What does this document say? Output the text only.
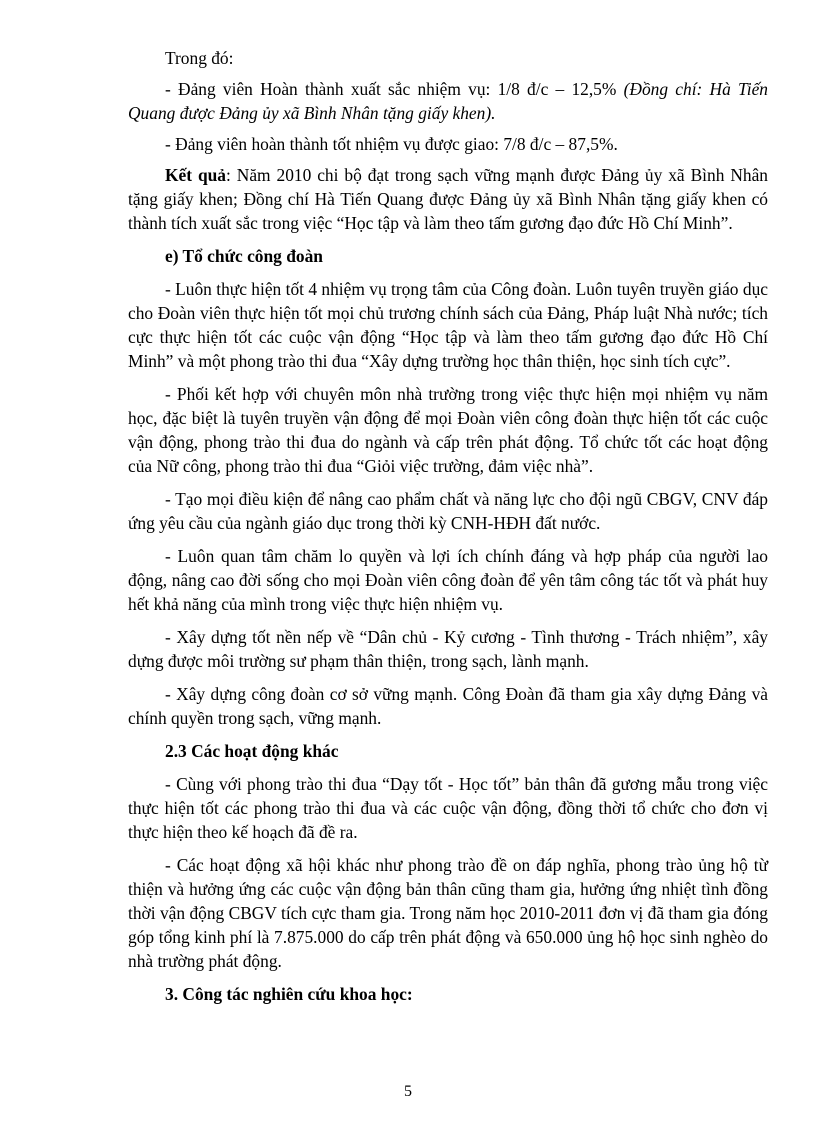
Trong đó:

- Đảng viên Hoàn thành xuất sắc nhiệm vụ: 1/8 đ/c – 12,5% (Đồng chí: Hà Tiến Quang được Đảng ủy xã Bình Nhân tặng giấy khen).

- Đảng viên hoàn thành tốt nhiệm vụ được giao: 7/8 đ/c – 87,5%.

Kết quả: Năm 2010 chi bộ đạt trong sạch vững mạnh được Đảng ủy xã Bình Nhân tặng giấy khen; Đồng chí Hà Tiến Quang được Đảng ủy xã Bình Nhân tặng giấy khen có thành tích xuất sắc trong việc “Học tập và làm theo tấm gương đạo đức Hồ Chí Minh”.

e) Tổ chức công đoàn

- Luôn thực hiện tốt 4 nhiệm vụ trọng tâm của Công đoàn. Luôn tuyên truyền giáo dục cho Đoàn viên thực hiện tốt mọi chủ trương chính sách của Đảng, Pháp luật Nhà nước; tích cực thực hiện tốt các cuộc vận động “Học tập và làm theo tấm gương đạo đức Hồ Chí Minh” và một phong trào thi đua “Xây dựng trường học thân thiện, học sinh tích cực”.

- Phối kết hợp với chuyên môn nhà trường trong việc thực hiện mọi nhiệm vụ năm học, đặc biệt là tuyên truyền vận động để mọi Đoàn viên công đoàn thực hiện tốt các cuộc vận động, phong trào thi đua do ngành và cấp trên phát động. Tổ chức tốt các hoạt động của Nữ công, phong trào thi đua “Giỏi việc trường, đảm việc nhà”.

- Tạo mọi điều kiện để nâng cao phẩm chất và năng lực cho đội ngũ CBGV, CNV đáp ứng yêu cầu của ngành giáo dục trong thời kỳ CNH-HĐH đất nước.

- Luôn quan tâm chăm lo quyền và lợi ích chính đáng và hợp pháp của người lao động, nâng cao đời sống cho mọi Đoàn viên công đoàn để yên tâm công tác tốt và phát huy hết khả năng của mình trong việc thực hiện nhiệm vụ.

- Xây dựng tốt nền nếp về “Dân chủ - Kỷ cương - Tình thương - Trách nhiệm”, xây dựng được môi trường sư phạm thân thiện, trong sạch, lành mạnh.

- Xây dựng công đoàn cơ sở vững mạnh. Công Đoàn đã tham gia xây dựng Đảng và chính quyền trong sạch, vững mạnh.

2.3 Các hoạt động khác

- Cùng với phong trào thi đua “Dạy tốt - Học tốt” bản thân đã gương mẫu trong việc thực hiện tốt các phong trào thi đua và các cuộc vận động, đồng thời tổ chức cho đơn vị thực hiện theo kế hoạch đã đề ra.

- Các hoạt động xã hội khác như phong trào đề on đáp nghĩa, phong trào ủng hộ từ thiện và hưởng ứng các cuộc vận động bản thân cũng tham gia, hưởng ứng nhiệt tình đồng thời vận động CBGV tích cực tham gia. Trong năm học 2010-2011 đơn vị đã tham gia đóng góp tổng kinh phí là 7.875.000 do cấp trên phát động và 650.000 ủng hộ học sinh nghèo do nhà trường phát động.

3. Công tác nghiên cứu khoa học:
5
